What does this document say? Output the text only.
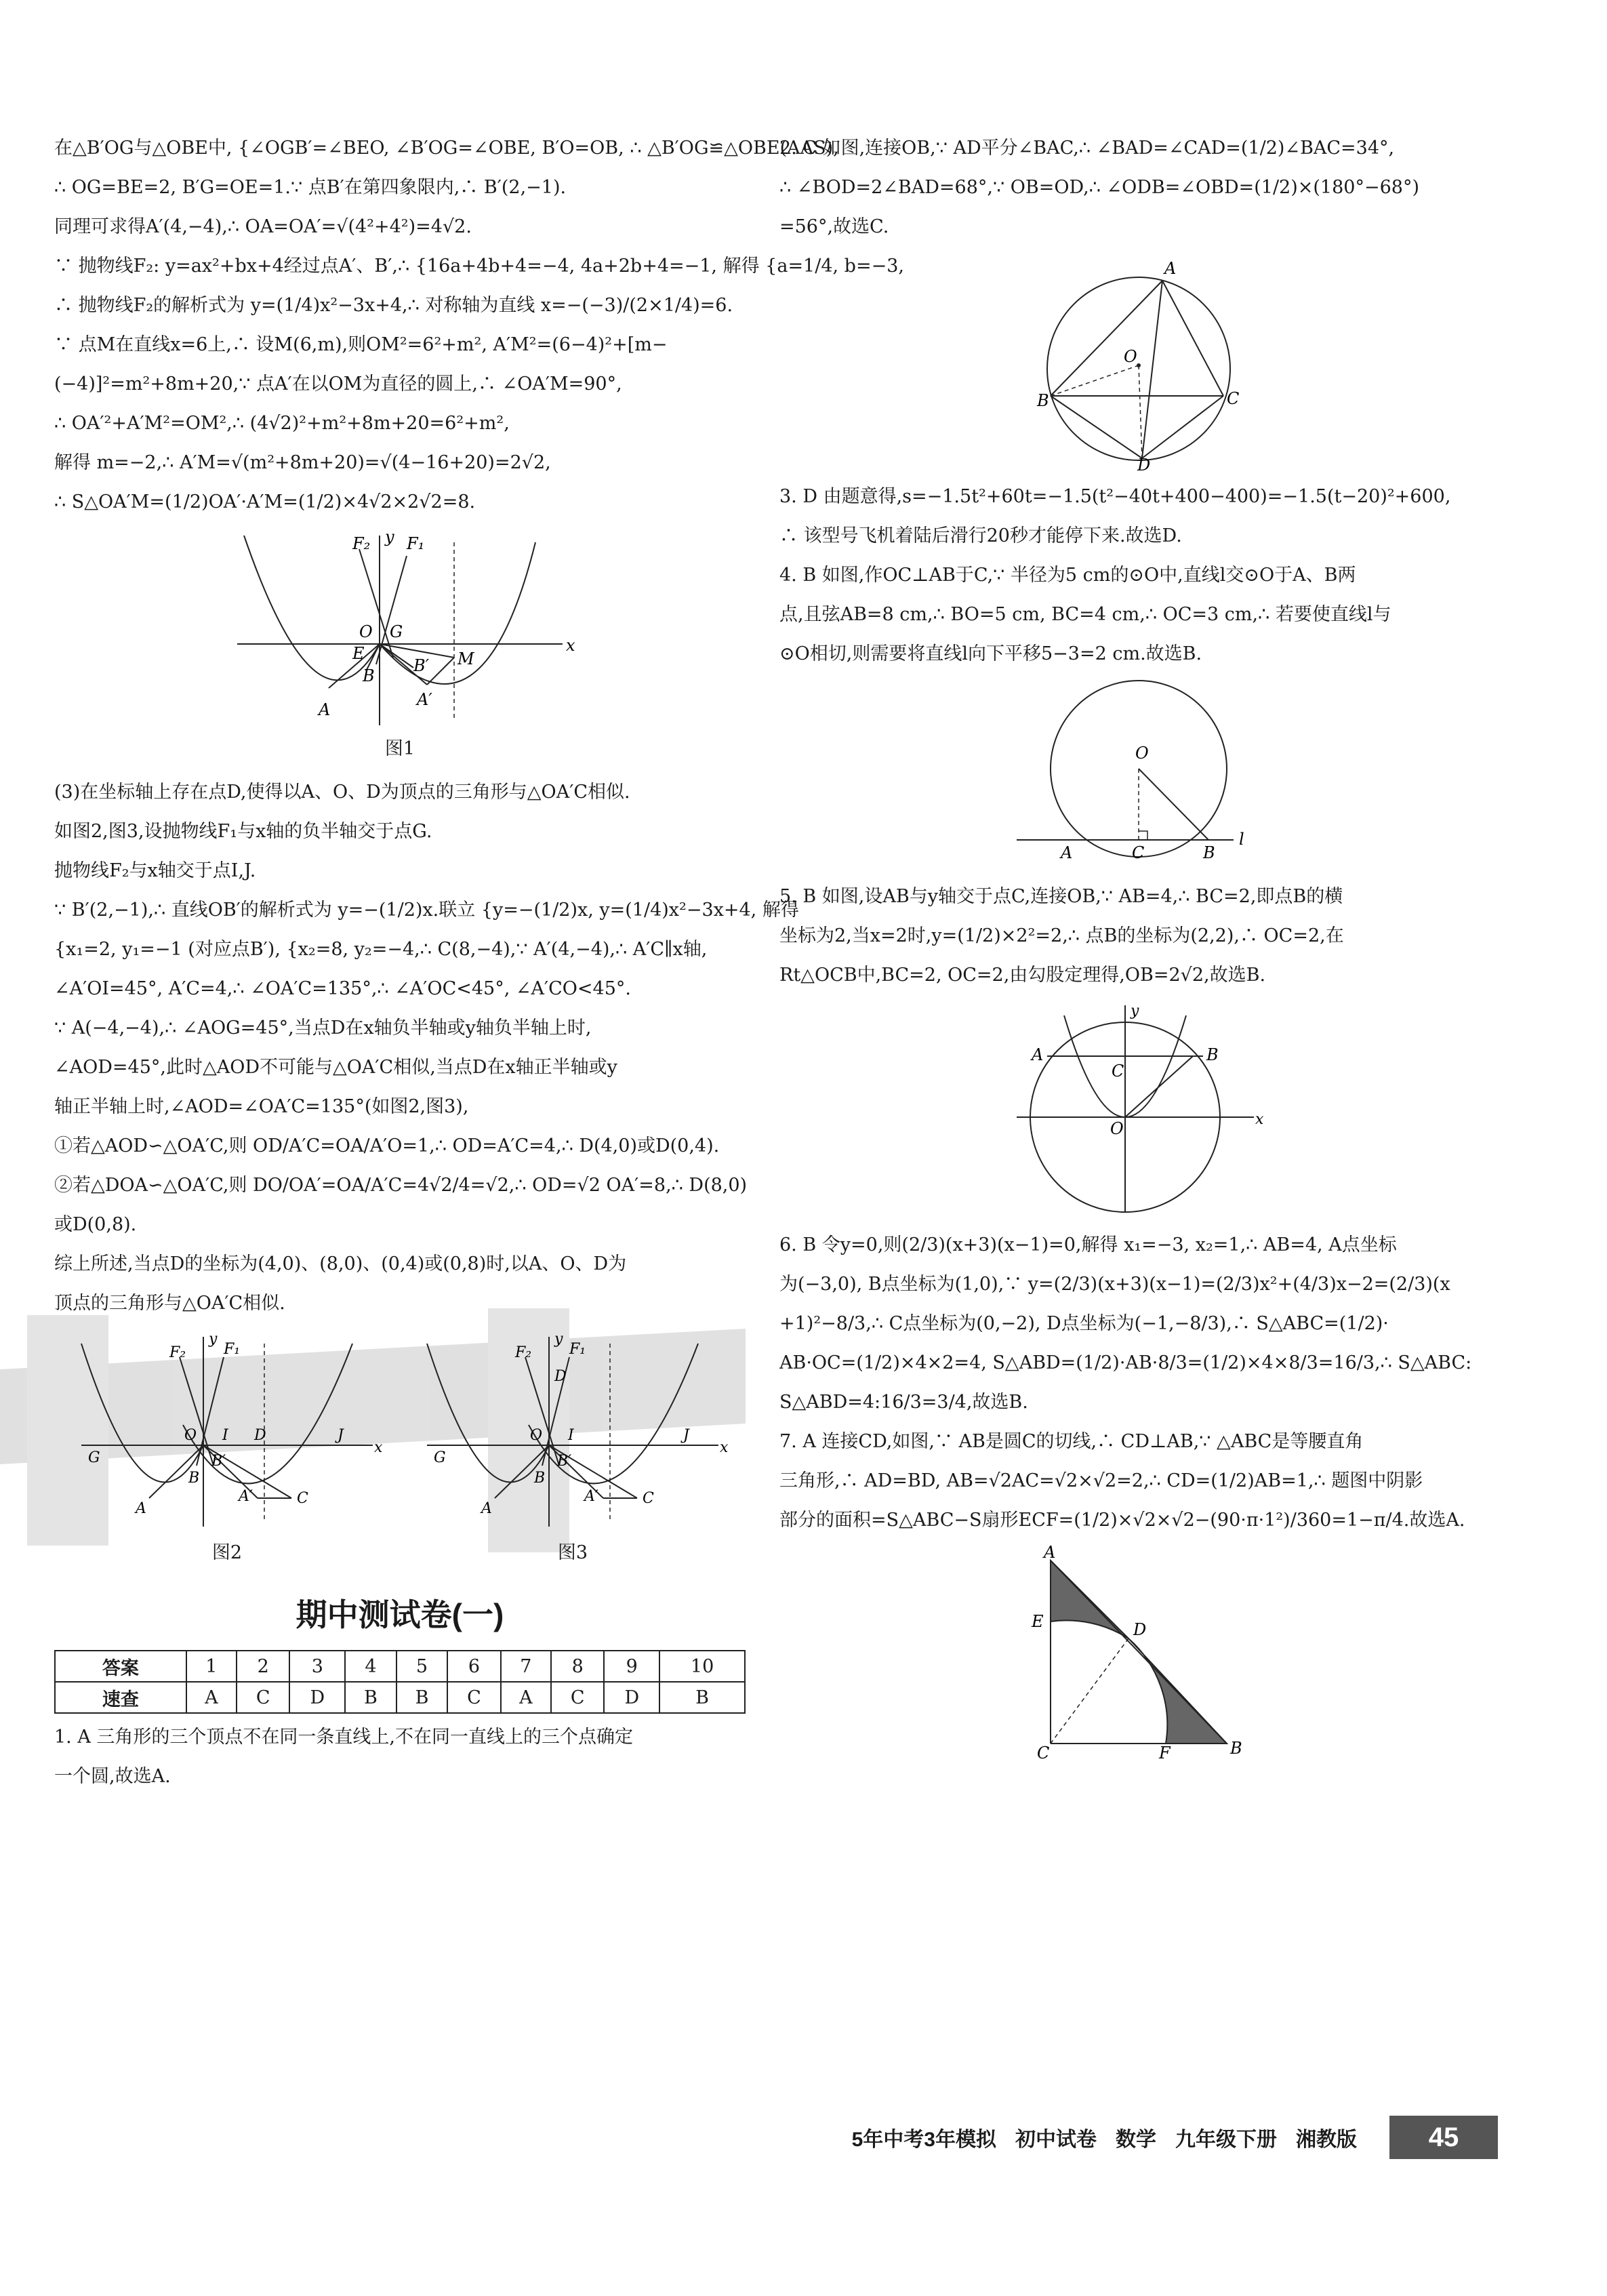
在△B′OG与△OBE中, {∠OGB′=∠BEO, ∠B′OG=∠OBE, B′O=OB, ∴ △B′OG≌△OBE(AAS),
∴ OG=BE=2, B′G=OE=1.∵ 点B′在第四象限内,∴ B′(2,−1).
同理可求得A′(4,−4),∴ OA=OA′=√(4²+4²)=4√2.
∵ 抛物线F₂: y=ax²+bx+4经过点A′、B′,∴ {16a+4b+4=−4, 4a+2b+4=−1, 解得 {a=1/4, b=−3,
∴ 抛物线F₂的解析式为 y=(1/4)x²−3x+4,∴ 对称轴为直线 x=−(−3)/(2×1/4)=6.
∵ 点M在直线x=6上,∴ 设M(6,m),则OM²=6²+m², A′M²=(6−4)²+[m−
(−4)]²=m²+8m+20,∵ 点A′在以OM为直径的圆上,∴ ∠OA′M=90°,
∴ OA′²+A′M²=OM²,∴ (4√2)²+m²+8m+20=6²+m²,
解得 m=−2,∴ A′M=√(m²+8m+20)=√(4−16+20)=2√2,
∴ S△OA′M=(1/2)OA′·A′M=(1/2)×4√2×2√2=8.
F₂ F₁
y
x
O G
E
B
B′ M
A′
A
图1
(3)在坐标轴上存在点D,使得以A、O、D为顶点的三角形与△OA′C相似.
如图2,图3,设抛物线F₁与x轴的负半轴交于点G.
抛物线F₂与x轴交于点I,J.
∵ B′(2,−1),∴ 直线OB′的解析式为 y=−(1/2)x.联立 {y=−(1/2)x, y=(1/4)x²−3x+4, 解得
{x₁=2, y₁=−1 (对应点B′), {x₂=8, y₂=−4,∴ C(8,−4),∵ A′(4,−4),∴ A′C∥x轴,
∠A′OI=45°, A′C=4,∴ ∠OA′C=135°,∴ ∠A′OC<45°, ∠A′CO<45°.
∵ A(−4,−4),∴ ∠AOG=45°,当点D在x轴负半轴或y轴负半轴上时,
∠AOD=45°,此时△AOD不可能与△OA′C相似,当点D在x轴正半轴或y
轴正半轴上时,∠AOD=∠OA′C=135°(如图2,图3),
①若△AOD∽△OA′C,则 OD/A′C=OA/A′O=1,∴ OD=A′C=4,∴ D(4,0)或D(0,4).
②若△DOA∽△OA′C,则 DO/OA′=OA/A′C=4√2/4=√2,∴ OD=√2 OA′=8,∴ D(8,0)
或D(0,8).
综上所述,当点D的坐标为(4,0)、(8,0)、(0,4)或(0,8)时,以A、O、D为
顶点的三角形与△OA′C相似.
F₂	F₁
y
x
G
O I D	J
B
B′
A′	C
A
图2
F₂	F₁
y
x
G
O I
D
J
B
B′
A′	C
A
图3
期中测试卷(一)
答案	1	2	3	4	5	6	7	8	9	10
速查	A	C	D	B	B	C	A	C	D	B
1. A 三角形的三个顶点不在同一条直线上,不在同一直线上的三个点确定
一个圆,故选A.
2. C 如图,连接OB,∵ AD平分∠BAC,∴ ∠BAD=∠CAD=(1/2)∠BAC=34°,
∴ ∠BOD=2∠BAD=68°,∵ OB=OD,∴ ∠ODB=∠OBD=(1/2)×(180°−68°)
=56°,故选C.
A
O
B	C
D
3. D 由题意得,s=−1.5t²+60t=−1.5(t²−40t+400−400)=−1.5(t−20)²+600,
∴ 该型号飞机着陆后滑行20秒才能停下来.故选D.
4. B 如图,作OC⊥AB于C,∵ 半径为5 cm的⊙O中,直线l交⊙O于A、B两
点,且弦AB=8 cm,∴ BO=5 cm, BC=4 cm,∴ OC=3 cm,∴ 若要使直线l与
⊙O相切,则需要将直线l向下平移5−3=2 cm.故选B.
O
A	C	B
l
5. B 如图,设AB与y轴交于点C,连接OB,∵ AB=4,∴ BC=2,即点B的横
坐标为2,当x=2时,y=(1/2)×2²=2,∴ 点B的坐标为(2,2),∴ OC=2,在
Rt△OCB中,BC=2, OC=2,由勾股定理得,OB=2√2,故选B.
y
A
C
B
O	x
6. B 令y=0,则(2/3)(x+3)(x−1)=0,解得 x₁=−3, x₂=1,∴ AB=4, A点坐标
为(−3,0), B点坐标为(1,0),∵ y=(2/3)(x+3)(x−1)=(2/3)x²+(4/3)x−2=(2/3)(x
+1)²−8/3,∴ C点坐标为(0,−2), D点坐标为(−1,−8/3),∴ S△ABC=(1/2)·
AB·OC=(1/2)×4×2=4, S△ABD=(1/2)·AB·8/3=(1/2)×4×8/3=16/3,∴ S△ABC:
S△ABD=4:16/3=3/4,故选B.
7. A 连接CD,如图,∵ AB是圆C的切线,∴ CD⊥AB,∵ △ABC是等腰直角
三角形,∴ AD=BD, AB=√2AC=√2×√2=2,∴ CD=(1/2)AB=1,∴ 题图中阴影
部分的面积=S△ABC−S扇形ECF=(1/2)×√2×√2−(90·π·1²)/360=1−π/4.故选A.
A
E	D
C	F	B
5年中考3年模拟 初中试卷 数学 九年级下册 湘教版	45
